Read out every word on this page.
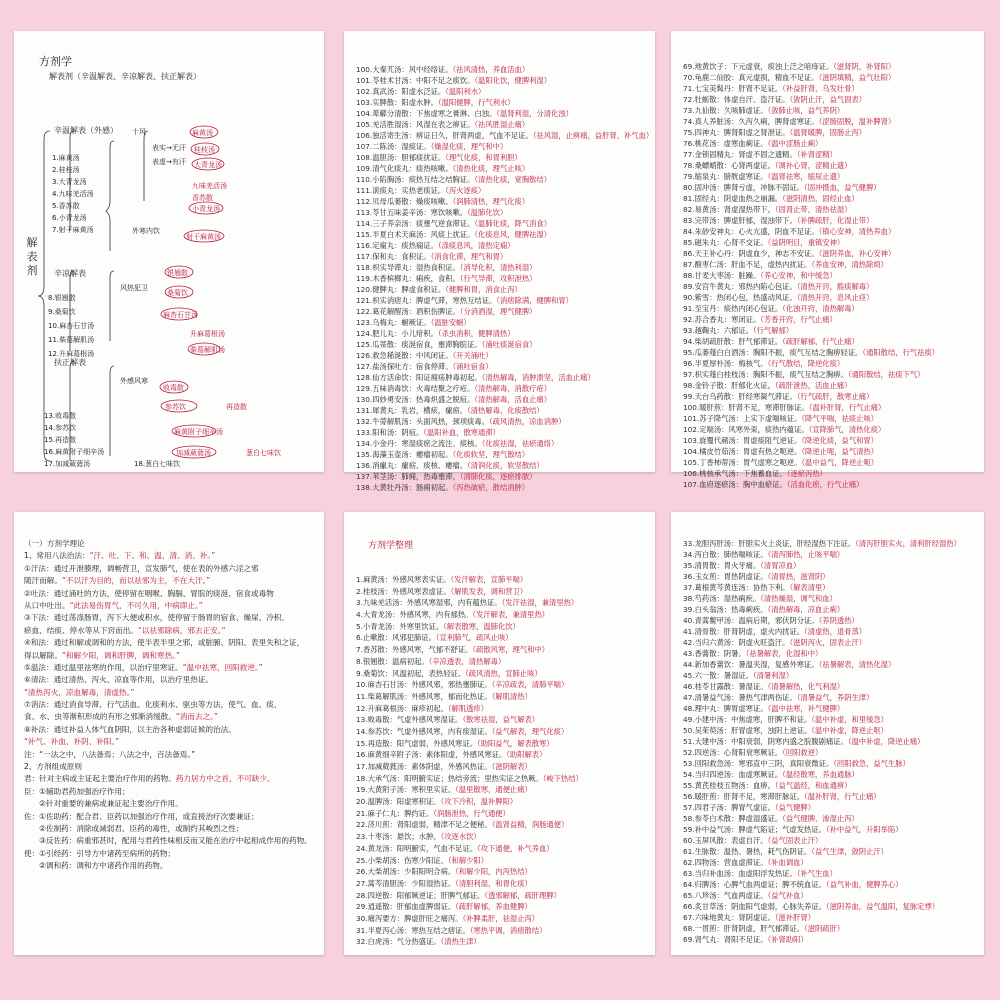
方剂学
解表剂（辛温解表、辛凉解表、扶正解表）
解表剂
辛温解表（外感）
辛凉解表
扶正解表
1.麻黄汤
2.桂枝汤
3.大青龙汤
4.九味羌活汤
5.香苏散
6.小青龙汤
7.射干麻黄汤
8.银翘散
9.桑菊饮
10.麻杏石甘汤
11.柴葛解肌汤
12.升麻葛根汤
13.败毒散
14.参苏饮
15.再造散
16.麻黄附子细辛汤
17.加减葳蕤汤	18.葱白七味饮
十风
表实→无汗
麻黄汤
表虚→有汗
桂枝汤
大青龙汤
九味羌活汤
香苏散
外寒内饮
小青龙汤
射干麻黄汤
风热犯卫
银翘散
桑菊饮
麻杏石甘汤
柴葛解肌汤
升麻葛根汤
外感风寒
败毒散
参苏饮	再造散
麻黄附子细辛汤
加减葳蕤汤	葱白七味饮
100.大秦艽汤：风中经络证。（祛风清热，养血活血）
101.苓桂术甘汤：中阳不足之痰饮。（温阳化饮，健脾利湿）
102.真武汤：阳虚水泛证。（温阳利水）
103.实脾散：阳虚水肿。（温阳健脾，行气利水）
104.萆薢分清散：下焦虚寒之膏淋、白浊。（温肾利湿，分清化浊）
105.羌活胜湿汤：风湿在表之痹证。（祛风胜湿止痛）
106.独活寄生汤：痹证日久，肝肾两虚，气血不足证。（祛风湿，止痹痛，益肝肾，补气血）
107.二陈汤：湿痰证。（燥湿化痰，理气和中）
108.温胆汤：胆郁痰扰证。（理气化痰，和胃利胆）
109.清气化痰丸：痰热咳嗽。（清热化痰，理气止咳）
110.小陷胸汤：痰热互结之结胸证。（清热化痰，宽胸散结）
111.滚痰丸：实热老痰证。（泻火逐痰）
112.贝母瓜蒌散：燥痰咳嗽。（润肺清热，理气化痰）
113.苓甘五味姜辛汤：寒饮咳嗽。（温肺化饮）
114.三子养亲汤：痰壅气逆食滞证。（温肺化痰，降气消食）
115.半夏白术天麻汤：风痰上扰证。（化痰息风，健脾祛湿）
116.定痫丸：痰热痫证。（涤痰息风，清热定痫）
117.保和丸：食积证。（消食化滞，理气和胃）
118.枳实导滞丸：湿热食积证。（消导化积，清热利湿）
119.木香槟榔丸：痢疾，食积。（行气导滞，攻积泄热）
120.健脾丸：脾虚食积证。（健脾和胃，消食止泻）
121.枳实消痞丸：脾虚气滞，寒热互结证。（消痞除满，健脾和胃）
122.葛花解酲汤：酒积伤脾证。（分消酒湿，理气健脾）
123.乌梅丸：蛔厥证。（温脏安蛔）
124.肥儿丸：小儿疳积。（杀虫消积，健脾清热）
125.瓜蒂散：痰涎宿食，壅滞胸脘证。（涌吐痰涎宿食）
126.救急稀涎散：中风闭证。（开关涌吐）
127.盐汤探吐方：宿食停滞。（涌吐宿食）
128.仙方活命饮：阳证痈疡肿毒初起。（清热解毒，消肿溃坚，活血止痛）
129.五味消毒饮：火毒结聚之疔疮。（清热解毒，消散疔疮）
130.四妙勇安汤：热毒炽盛之脱疽。（清热解毒，活血止痛）
131.犀黄丸：乳岩，横痃，瘰疬。（清热解毒，化痰散结）
132.牛蒡解肌汤：头面风热，颈项痰毒。（疏风清热，凉血消肿）
133.阳和汤：阴疽。（温阳补血，散寒通滞）
134.小金丹：寒湿痰瘀之流注、痰核。（化痰祛湿，祛瘀通络）
135.海藻玉壶汤：瘿瘤初起。（化痰软坚，理气散结）
136.消瘰丸：瘰疬、痰核、瘿瘤。（清润化痰，软坚散结）
137.苇茎汤：肺痈，热毒壅滞。（清肺化痰，逐瘀排脓）
138.大黄牡丹汤：肠痈初起。（泻热破瘀，散结消肿）
69.地黄饮子：下元虚衰，痰浊上泛之喑痱证。（滋肾阴，补肾阳）
70.龟鹿二仙胶：真元虚损，精血不足证。（滋阴填精，益气壮阳）
71.七宝美髯丹：肝肾不足证。（补益肝肾，乌发壮骨）
72.牡蛎散：体虚自汗、盗汗证。（敛阴止汗，益气固表）
73.九仙散：久咳肺虚证。（敛肺止咳，益气养阴）
74.真人养脏汤：久泻久痢，脾肾虚寒证。（涩肠固脱，温补脾肾）
75.四神丸：脾肾阳虚之肾泄证。（温肾暖脾，固肠止泻）
76.桃花汤：虚寒血痢证。（温中涩肠止痢）
77.金锁固精丸：肾虚不固之遗精。（补肾涩精）
78.桑螵蛸散：心肾两虚证。（调补心肾，涩精止遗）
79.缩泉丸：膀胱虚寒证。（温肾祛寒，缩尿止遗）
80.固冲汤：脾肾亏虚，冲脉不固证。（固冲摄血，益气健脾）
81.固经丸：阴虚血热之崩漏。（滋阴清热，固经止血）
82.易黄汤：肾虚湿热带下。（固肾止带，清热祛湿）
83.完带汤：脾虚肝郁，湿浊带下。（补脾疏肝，化湿止带）
84.朱砂安神丸：心火亢盛，阴血不足证。（镇心安神，清热养血）
85.磁朱丸：心肾不交证。（益阴明目，重镇安神）
86.天王补心丹：阴虚血少，神志不安证。（滋阴养血，补心安神）
87.酸枣仁汤：肝血不足，虚热内扰证。（养血安神，清热除烦）
88.甘麦大枣汤：脏躁。（养心安神，和中缓急）
89.安宫牛黄丸：邪热内陷心包证。（清热开窍，豁痰解毒）
90.紫雪：热闭心包，热盛动风证。（清热开窍，息风止痉）
91.至宝丹：痰热内闭心包证。（化浊开窍，清热解毒）
92.苏合香丸：寒闭证。（芳香开窍，行气止痛）
93.越鞠丸：六郁证。（行气解郁）
94.柴胡疏肝散：肝气郁滞证。（疏肝解郁，行气止痛）
95.瓜蒌薤白白酒汤：胸阳不振，痰气互结之胸痹轻证。（通阳散结，行气祛痰）
96.半夏厚朴汤：梅核气。（行气散结，降逆化痰）
97.枳实薤白桂枝汤：胸阳不振，痰气互结之胸痹。（通阳散结，祛痰下气）
98.金铃子散：肝郁化火证。（疏肝泄热，活血止痛）
99.天台乌药散：肝经寒凝气滞证。（行气疏肝，散寒止痛）
100.暖肝煎：肝肾不足，寒滞肝脉证。（温补肝肾，行气止痛）
101.苏子降气汤：上实下虚喘咳证。（降气平喘，祛痰止咳）
102.定喘汤：风寒外束，痰热内蕴证。（宣降肺气，清热化痰）
103.旋覆代赭汤：胃虚痰阻气逆证。（降逆化痰，益气和胃）
104.橘皮竹茹汤：胃虚有热之呃逆。（降逆止呃，益气清热）
105.丁香柿蒂汤：胃气虚寒之呃逆。（温中益气，降逆止呃）
106.桃核承气汤：下焦蓄血证。（逐瘀泻热）
107.血府逐瘀汤：胸中血瘀证。（活血化瘀，行气止痛）
（一）方剂学理论
1、常用八法治法：“汗、吐、下、和、温、清、消、补。”
①汗法：通过开泄腠理，调畅营卫，宣发肺气，使在表的外感六淫之邪
随汗而解。“不以汗为目的，而以祛邪为主，不在大汗。”
②吐法：通过涌吐的方法，使停留在咽喉、胸膈、胃脘的痰涎、宿食或毒物
从口中吐出。“此法易伤胃气，不可久用，中病即止。”
③下法：通过荡涤肠胃，泻下大便或积水，使停留于肠胃的宿食、燥屎、冷积、
瘀血、结痰、停水等从下窍而出。“以祛邪除病，邪去正安。”
④和法：通过和解或调和的方法，使半表半里之邪，或脏腑、阴阳、表里失和之证，
得以解除。“和解少阳，调和肝脾，调和寒热。”
⑤温法：通过温里祛寒的作用，以治疗里寒证。“温中祛寒，回阳救逆。”
⑥清法：通过清热、泻火、凉血等作用，以治疗里热证。
“清热泻火，凉血解毒，清虚热。”
⑦消法：通过消食导滞、行气活血、化痰利水、驱虫等方法，使气、血、痰、
食、水、虫等渐积形成的有形之邪渐消缓散。“消而去之。”
⑧补法：通过补益人体气血阴阳，以主治各种虚弱证候的治法。
“补气、补血、补阴、补阳。”
注：“一法之中，八法备焉；八法之中，百法备焉。”
2、方剂组成原则
君：针对主病或主证起主要治疗作用的药物。药力居方中之首，不可缺少。
臣：①辅助君药加强治疗作用；
　　②针对重要的兼病或兼证起主要治疗作用。
佐：①佐助药：配合君、臣药以加强治疗作用，或直接治疗次要兼证；
　　②佐制药：消除或减弱君、臣药的毒性，或制约其峻烈之性；
　　③反佐药：病重邪甚时，配用与君药性味相反而又能在治疗中起相成作用的药物。
使：①引经药：引导方中诸药至病所的药物；
　　②调和药：调和方中诸药作用的药物。
方剂学整理
1.麻黄汤：外感风寒表实证。（发汗解表，宣肺平喘）
2.桂枝汤：外感风寒表虚证。（解肌发表，调和营卫）
3.九味羌活汤：外感风寒湿邪，内有蕴热证。（发汗祛湿，兼清里热）
4.大青龙汤：外感风寒，内有郁热。（发汗解表，兼清里热）
5.小青龙汤：外寒里饮证。（解表散寒，温肺化饮）
6.止嗽散：风邪犯肺证。（宣利肺气，疏风止咳）
7.香苏散：外感风寒，气郁不舒证。（疏散风寒，理气和中）
8.银翘散：温病初起。（辛凉透表，清热解毒）
9.桑菊饮：风温初起，表热轻证。（疏风清热，宣肺止咳）
10.麻杏石甘汤：外感风邪，邪热壅肺证。（辛凉疏表，清肺平喘）
11.柴葛解肌汤：外感风寒，郁而化热证。（解肌清热）
12.升麻葛根汤：麻疹初起。（解肌透疹）
13.败毒散：气虚外感风寒湿证。（散寒祛湿，益气解表）
14.参苏饮：气虚外感风寒，内有痰湿证。（益气解表，理气化痰）
15.再造散：阳气虚弱，外感风寒证。（助阳益气，解表散寒）
16.麻黄细辛附子汤：素体阳虚，外感风寒证。（助阳解表）
17.加减葳蕤汤：素体阴虚，外感风热证。（滋阴解表）
18.大承气汤：阳明腑实证；热结旁流；里热实证之热厥。（峻下热结）
19.大黄附子汤：寒积里实证。（温里散寒，通便止痛）
20.温脾汤：阳虚寒积证。（攻下冷积，温补脾阳）
21.麻子仁丸：脾约证。（润肠泄热，行气通便）
22.济川煎：肾阳虚弱，精津不足之便秘。（温肾益精，润肠通便）
23.十枣汤：悬饮；水肿。（攻逐水饮）
24.黄龙汤：阳明腑实，气血不足证。（攻下通便，补气养血）
25.小柴胡汤：伤寒少阳证。（和解少阳）
26.大柴胡汤：少阳阳明合病。（和解少阳，内泻热结）
27.蒿芩清胆汤：少阳湿热证。（清胆利湿，和胃化痰）
28.四逆散：阳郁厥逆证；肝脾气郁证。（透邪解郁，疏肝理脾）
29.逍遥散：肝郁血虚脾弱证。（疏肝解郁，养血健脾）
30.痛泻要方：脾虚肝旺之痛泻。（补脾柔肝，祛湿止泻）
31.半夏泻心汤：寒热互结之痞证。（寒热平调，消痞散结）
32.白虎汤：气分热盛证。（清热生津）
33.龙胆泻肝汤：肝胆实火上炎证，肝经湿热下注证。（清泻肝胆实火，清利肝经湿热）
34.泻白散：肺热喘咳证。（清泻肺热，止咳平喘）
35.清胃散：胃火牙痛。（清胃凉血）
36.玉女煎：胃热阴虚证。（清胃热，滋肾阴）
37.葛根黄芩黄连汤：协热下利。（解表清里）
38.芍药汤：湿热痢疾。（清热燥湿，调气和血）
39.白头翁汤：热毒痢疾。（清热解毒，凉血止痢）
40.青蒿鳖甲汤：温病后期，邪伏阴分证。（养阴透热）
41.清骨散：肝肾阴虚，虚火内扰证。（清虚热，退骨蒸）
42.当归六黄汤：阴虚火旺盗汗。（滋阴泻火，固表止汗）
43.香薷散：阴暑。（祛暑解表，化湿和中）
44.新加香薷饮：暑温夹湿，复感外寒证。（祛暑解表，清热化湿）
45.六一散：暑湿证。（清暑利湿）
46.桂苓甘露散：暑湿证。（清暑解热，化气利湿）
47.清暑益气汤：暑热气津两伤证。（清暑益气，养阴生津）
48.理中丸：脾胃虚寒证。（温中祛寒，补气健脾）
49.小建中汤：中焦虚寒，肝脾不和证。（温中补虚，和里缓急）
50.吴茱萸汤：肝胃虚寒，浊阴上逆证。（温中补虚，降逆止呕）
51.大建中汤：中阳衰弱，阴寒内盛之脘腹剧痛证。（温中补虚，降逆止痛）
52.四逆汤：心肾阳衰寒厥证。（回阳救逆）
53.回阳救急汤：寒邪直中三阴，真阳衰微证。（回阳救急，益气生脉）
54.当归四逆汤：血虚寒厥证。（温经散寒，养血通脉）
55.黄芪桂枝五物汤：血痹。（益气温经，和血通痹）
56.暖肝煎：肝肾不足，寒滞肝脉证。（温补肝肾，行气止痛）
57.四君子汤：脾胃气虚证。（益气健脾）
58.参苓白术散：脾虚湿盛证。（益气健脾，渗湿止泻）
59.补中益气汤：脾虚气陷证；气虚发热证。（补中益气，升阳举陷）
60.玉屏风散：表虚自汗。（益气固表止汗）
61.生脉散：温热、暑热，耗气伤阴证。（益气生津，敛阴止汗）
62.四物汤：营血虚滞证。（补血调血）
63.当归补血汤：血虚阳浮发热证。（补气生血）
64.归脾汤：心脾气血两虚证；脾不统血证。（益气补血，健脾养心）
65.八珍汤：气血两虚证。（益气补血）
66.炙甘草汤：阴血阳气虚弱，心脉失养证。（滋阴养血，益气温阳，复脉定悸）
67.六味地黄丸：肾阴虚证。（滋补肝肾）
68.一贯煎：肝肾阴虚，肝气郁滞证。（滋阴疏肝）
69.肾气丸：肾阳不足证。（补肾助阳）
